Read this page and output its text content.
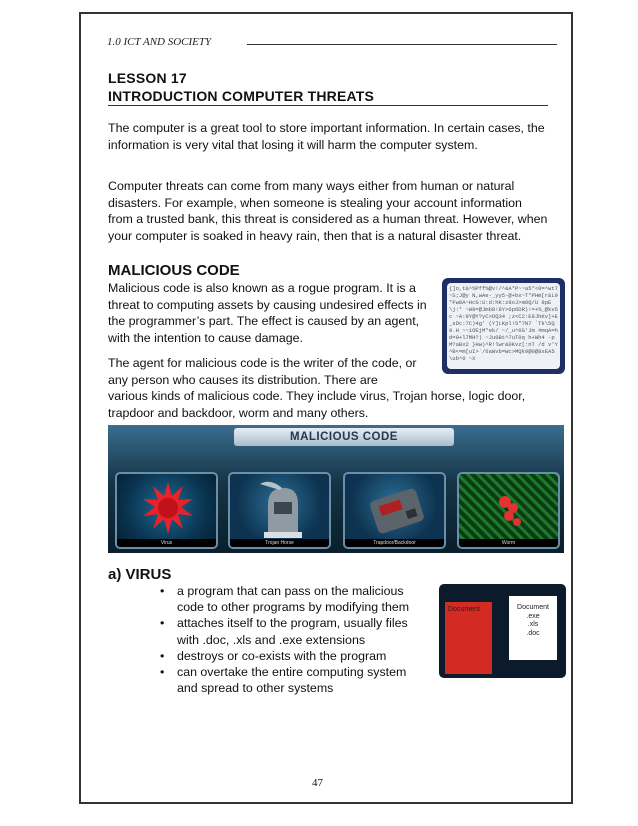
1.0 ICT AND SOCIETY
LESSON 17
INTRODUCTION COMPUTER THREATS

The computer is a great tool to store important information. In certain cases, the information is very vital that losing it will harm the computer system.

Computer threats can come from many ways either from human or natural disasters. For example, when someone is stealing your account information from a trusted bank, this threat is considered as a human threat. However, when your computer is soaked in heavy rain, then that is a natural disaster threat.

MALICIOUS CODE

Malicious code is also known as a rogue program. It is a threat to computing assets by causing undesired effects in the programmer’s part. The effect is caused by an agent, with the intention to cause damage.

The agent for malicious code is the writer of the code, or any person who causes its distribution. There are

various kinds of malicious code. They include virus, Trojan horse, logic door, trapdoor and backdoor, worm and many others.

{]o,t&^%Pff%@v!/^&A*P~~a5*<0=^wt7 ~S;J@y N,wAe-_yy5-@+bx~T*PHm[r&L9*Fw8A~HcG:U:d:hK:z8oJ>m0Q/U 8pE\j:* ~W8=@Jmb8!8Y>6p6DR)!=+%_@kv5c ~A:9Y@Y?yC>DQ34 ;z<C2:E9JhKv]+E _sDc:7C)4g' (Y]LKpl!5"7N7 `Tk\5Q9.H ~~iOEjM*ek/ ~/_u^6G'Jm #mqA=hd=9+l7MH?) ~Ju0Bt^7uT0q h+Wh4 -pM?aBx2 }Hw)^R!lwr&0Kvz[:nT /d v'Y^B<=m[uI>`/6aWvb=Wc>MQk9@0@8xEA5\ub^0 ~X
MALICIOUS CODE
Virus	Trojan Horse	Trapdoor/Backdoor	Worm
a) VIRUS
• a program that can pass on the malicious code to other programs by modifying them
• attaches itself to the program, usually files with .doc, .xls and .exe extensions
• destroys or co-exists with the program
• can overtake the entire computing system and spread to other systems
Document	Document
.exe
.xls
.doc
47
